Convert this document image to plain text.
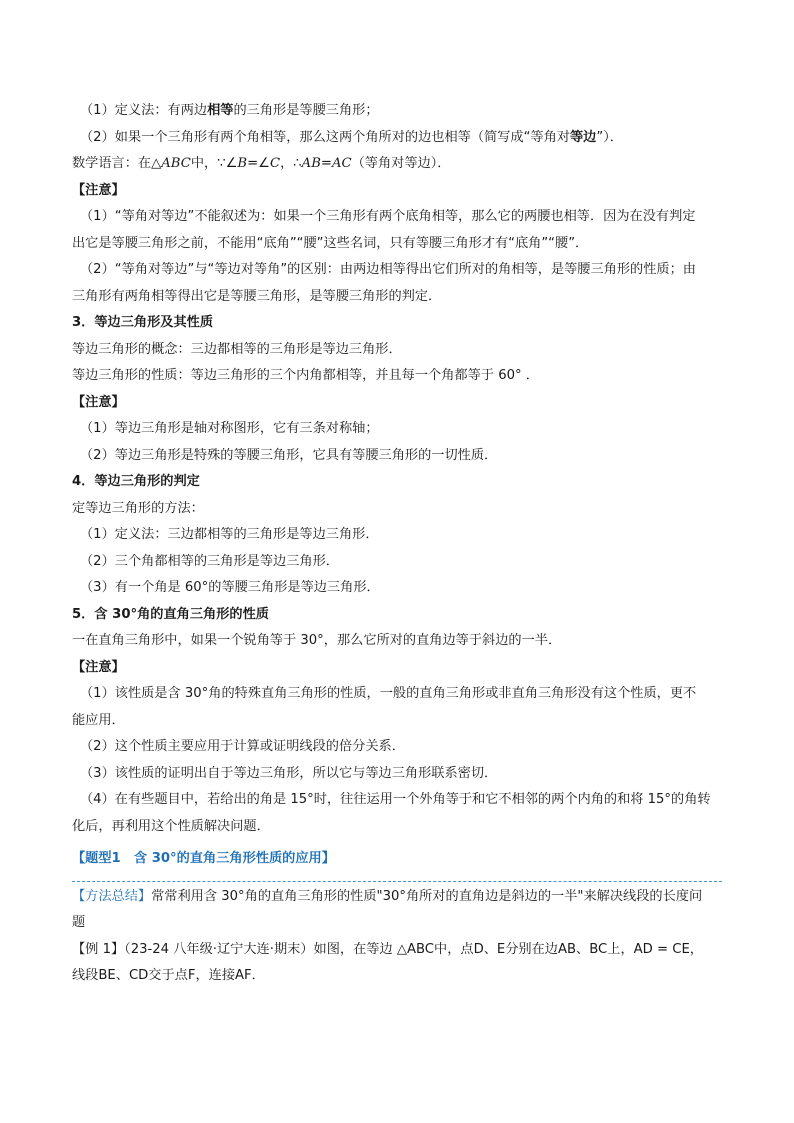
（1）定义法：有两边相等的三角形是等腰三角形；
（2）如果一个三角形有两个角相等，那么这两个角所对的边也相等（简写成“等角对等边”）．
数学语言：在△ABC中，∵∠B=∠C，∴AB=AC（等角对等边）．
【注意】
（1）“等角对等边”不能叙述为：如果一个三角形有两个底角相等，那么它的两腰也相等．因为在没有判定
出它是等腰三角形之前，不能用“底角”“腰”这些名词，只有等腰三角形才有“底角”“腰”．
（2）“等角对等边”与“等边对等角”的区别：由两边相等得出它们所对的角相等，是等腰三角形的性质；由
三角形有两角相等得出它是等腰三角形，是等腰三角形的判定．
3．等边三角形及其性质
等边三角形的概念：三边都相等的三角形是等边三角形．
等边三角形的性质：等边三角形的三个内角都相等，并且每一个角都等于 60° ．
【注意】
（1）等边三角形是轴对称图形，它有三条对称轴；
（2）等边三角形是特殊的等腰三角形，它具有等腰三角形的一切性质．
4．等边三角形的判定
定等边三角形的方法：
（1）定义法：三边都相等的三角形是等边三角形．
（2）三个角都相等的三角形是等边三角形．
（3）有一个角是 60°的等腰三角形是等边三角形．
5．含 30°角的直角三角形的性质
一在直角三角形中，如果一个锐角等于 30°，那么它所对的直角边等于斜边的一半．
【注意】
（1）该性质是含 30°角的特殊直角三角形的性质，一般的直角三角形或非直角三角形没有这个性质，更不
能应用．
（2）这个性质主要应用于计算或证明线段的倍分关系．
（3）该性质的证明出自于等边三角形，所以它与等边三角形联系密切．
（4）在有些题目中，若给出的角是 15°时，往往运用一个外角等于和它不相邻的两个内角的和将 15°的角转
化后，再利用这个性质解决问题．
【题型1　含 30°的直角三角形性质的应用】
【方法总结】常常利用含 30°角的直角三角形的性质"30°角所对的直角边是斜边的一半"来解决线段的长度问
题
【例 1】（23-24 八年级·辽宁大连·期末）如图，在等边 △ABC中，点D、E分别在边AB、BC上，AD = CE，
线段BE、CD交于点F，连接AF．
